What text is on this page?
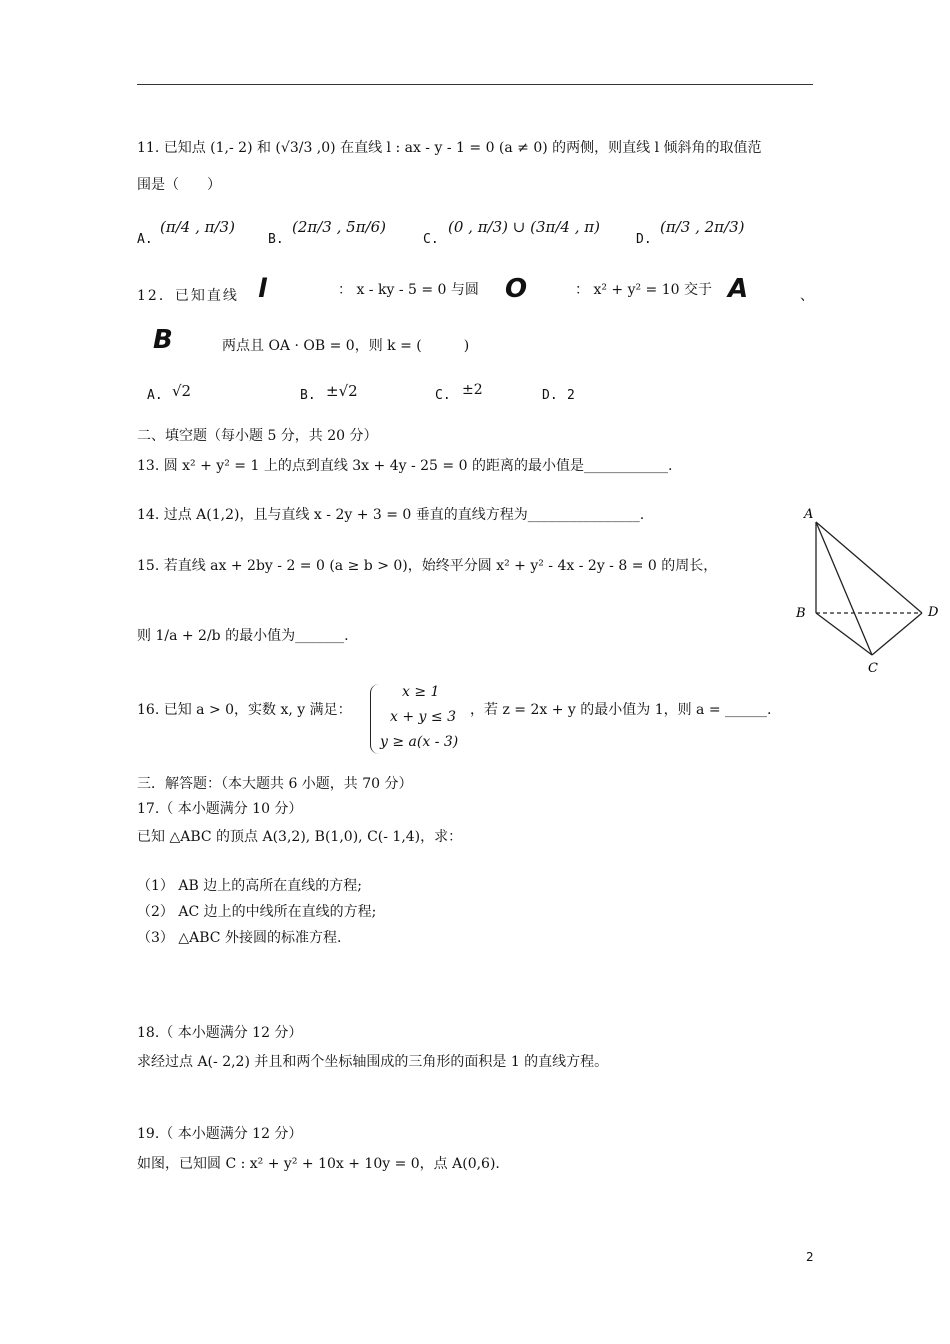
11. 已知点 (1,- 2) 和 (√3/3 ,0) 在直线 l : ax - y - 1 = 0 (a ≠ 0) 的两侧，则直线 l 倾斜角的取值范
围是（　　）
A.
(π/4 , π/3)
B.
(2π/3 , 5π/6)
C.
(0 , π/3) ∪ (3π/4 , π)
D.
(π/3 , 2π/3)
12．已知直线 l	： x - ky - 5 = 0 与圆 O	： x² + y² = 10 交于 A	、
B	两点且 OA · OB = 0，则 k = (　　　)
A. √2	B. ±√2	C. ±2	D. 2
二、填空题（每小题 5 分，共 20 分）
13. 圆 x² + y² = 1 上的点到直线 3x + 4y - 25 = 0 的距离的最小值是____________.
14. 过点 A(1,2)，且与直线 x - 2y + 3 = 0 垂直的直线方程为________________.
15. 若直线 ax + 2by - 2 = 0 (a ≥ b > 0)，始终平分圆 x² + y² - 4x - 2y - 8 = 0 的周长，
则 1/a + 2/b 的最小值为_______.
A
B
C
D
16. 已知 a > 0，实数 x, y 满足：
x ≥ 1
x + y ≤ 3
y ≥ a(x - 3)
，若 z = 2x + y 的最小值为 1，则 a = ______.
三．解答题：（本大题共 6 小题，共 70 分）
17.（ 本小题满分 10 分）
已知 △ABC 的顶点 A(3,2), B(1,0), C(- 1,4)，求：
（1） AB 边上的高所在直线的方程;
（2） AC 边上的中线所在直线的方程;
（3） △ABC 外接圆的标准方程.
18.（ 本小题满分 12 分）
求经过点 A(- 2,2) 并且和两个坐标轴围成的三角形的面积是 1 的直线方程。
19.（ 本小题满分 12 分）
如图，已知圆 C : x² + y² + 10x + 10y = 0，点 A(0,6).
2
